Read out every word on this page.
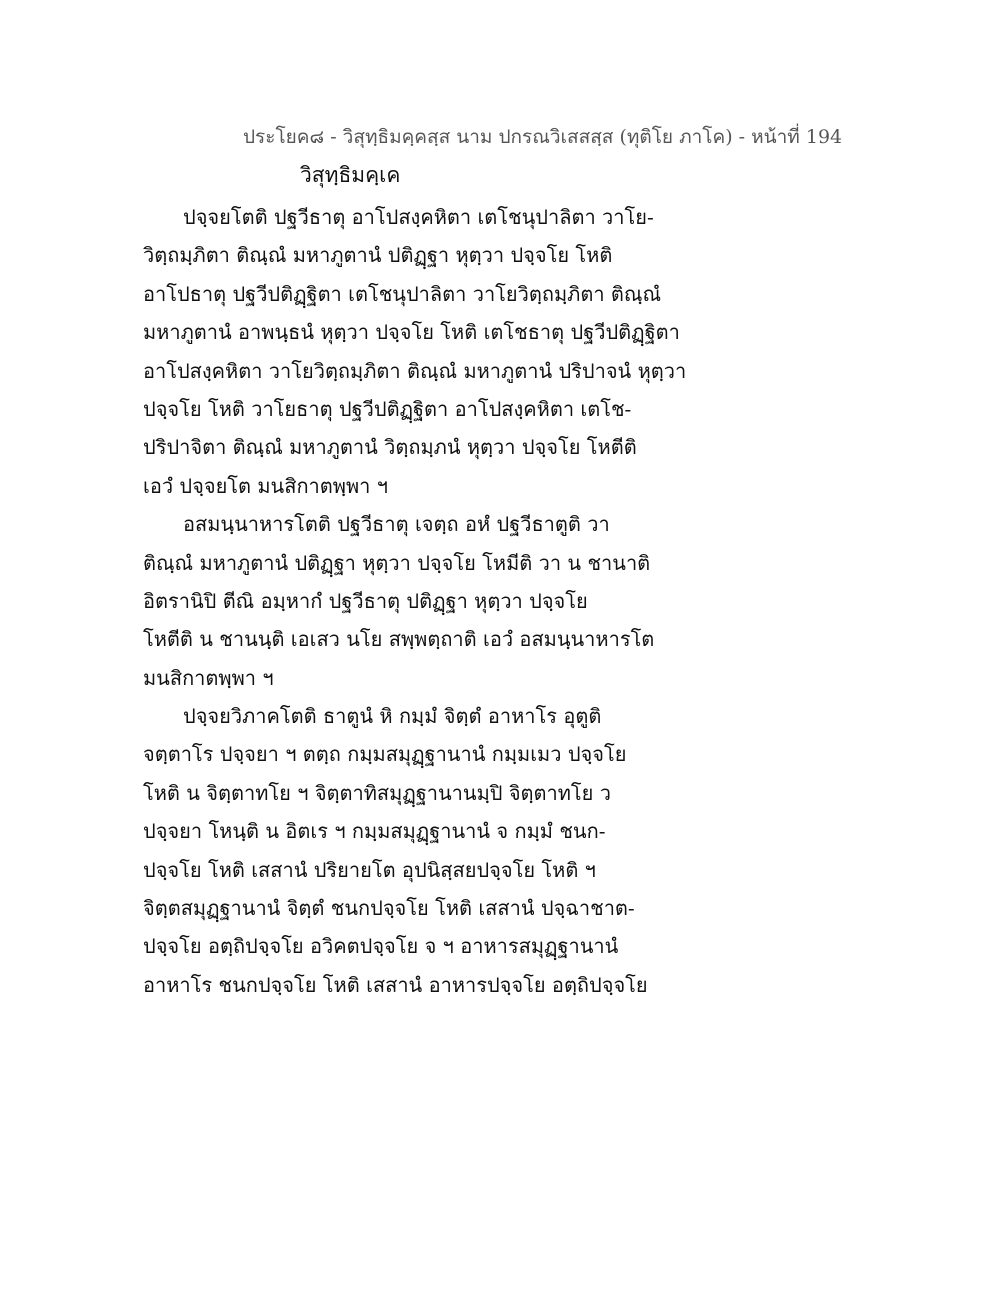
ประโยค๘ - วิสุทฺธิมคฺคสฺส นาม ปกรณวิเสสสฺส (ทุติโย ภาโค) - หน้าที่ 194
วิสุทฺธิมคฺเค
ปจฺจยโตติ ปฐวีธาตุ อาโปสงฺคหิตา เตโชนุปาลิตา วาโย-
วิตฺถมฺภิตา ติณฺณํ มหาภูตานํ ปติฏฺฐา หุตฺวา ปจฺจโย โหติ
อาโปธาตุ ปฐวีปติฏฺฐิตา เตโชนุปาลิตา วาโยวิตฺถมฺภิตา ติณฺณํ
มหาภูตานํ อาพนฺธนํ หุตฺวา ปจฺจโย โหติ เตโชธาตุ ปฐวีปติฏฺฐิตา
อาโปสงฺคหิตา วาโยวิตฺถมฺภิตา ติณฺณํ มหาภูตานํ ปริปาจนํ หุตฺวา
ปจฺจโย โหติ วาโยธาตุ ปฐวีปติฏฺฐิตา อาโปสงฺคหิตา เตโช-
ปริปาจิตา ติณฺณํ มหาภูตานํ วิตฺถมฺภนํ หุตฺวา ปจฺจโย โหตีติ
เอวํ ปจฺจยโต มนสิกาตพฺพา ฯ
อสมนฺนาหารโตติ ปฐวีธาตุ เจตฺถ อหํ ปฐวีธาตูติ วา
ติณฺณํ มหาภูตานํ ปติฏฺฐา หุตฺวา ปจฺจโย โหมีติ วา น ชานาติ
อิตรานิปิ ตีณิ อมฺหากํ ปฐวีธาตุ ปติฏฺฐา หุตฺวา ปจฺจโย
โหตีติ น ชานนฺติ เอเสว นโย สพฺพตฺถาติ เอวํ อสมนฺนาหารโต
มนสิกาตพฺพา ฯ
ปจฺจยวิภาคโตติ ธาตูนํ หิ กมฺมํ จิตฺตํ อาหาโร อุตูติ
จตฺตาโร ปจฺจยา ฯ ตตฺถ กมฺมสมุฏฺฐานานํ กมฺมเมว ปจฺจโย
โหติ น จิตฺตาทโย ฯ จิตฺตาทิสมุฏฺฐานานมฺปิ จิตฺตาทโย ว
ปจฺจยา โหนฺติ น อิตเร ฯ กมฺมสมุฏฺฐานานํ จ กมฺมํ ชนก-
ปจฺจโย โหติ เสสานํ ปริยายโต อุปนิสฺสยปจฺจโย โหติ ฯ
จิตฺตสมุฏฺฐานานํ จิตฺตํ ชนกปจฺจโย โหติ เสสานํ ปจฺฉาชาต-
ปจฺจโย อตฺถิปจฺจโย อวิคตปจฺจโย จ ฯ อาหารสมุฏฺฐานานํ
อาหาโร ชนกปจฺจโย โหติ เสสานํ อาหารปจฺจโย อตฺถิปจฺจโย
